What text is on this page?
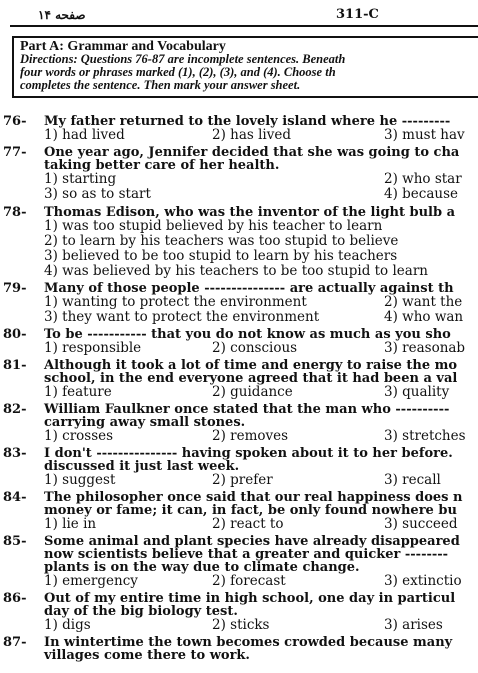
صفحه ۱۴	311-C
Part A: Grammar and Vocabulary
Directions: Questions 76-87 are incomplete sentences. Beneath
four words or phrases marked (1), (2), (3), and (4). Choose th
completes the sentence. Then mark your answer sheet.
76- My father returned to the lovely island where he ---------
1) had lived	2) has lived	3) must hav
77- One year ago, Jennifer decided that she was going to cha
taking better care of her health.
1) starting	2) who star
3) so as to start	4) because
78- Thomas Edison, who was the inventor of the light bulb a
1) was too stupid believed by his teacher to learn
2) to learn by his teachers was too stupid to believe
3) believed to be too stupid to learn by his teachers
4) was believed by his teachers to be too stupid to learn
79- Many of those people --------------- are actually against th
1) wanting to protect the environment	2) want the
3) they want to protect the environment	4) who wan
80- To be ----------- that you do not know as much as you sho
1) responsible	2) conscious	3) reasonab
81- Although it took a lot of time and energy to raise the mo
school, in the end everyone agreed that it had been a val
1) feature	2) guidance	3) quality
82- William Faulkner once stated that the man who ----------
carrying away small stones.
1) crosses	2) removes	3) stretches
83- I don't --------------- having spoken about it to her before.
discussed it just last week.
1) suggest	2) prefer	3) recall
84- The philosopher once said that our real happiness does n
money or fame; it can, in fact, be only found nowhere bu
1) lie in	2) react to	3) succeed
85- Some animal and plant species have already disappeared
now scientists believe that a greater and quicker --------
plants is on the way due to climate change.
1) emergency	2) forecast	3) extinctio
86- Out of my entire time in high school, one day in particul
day of the big biology test.
1) digs	2) sticks	3) arises
87- In wintertime the town becomes crowded because many
villages come there to work.
